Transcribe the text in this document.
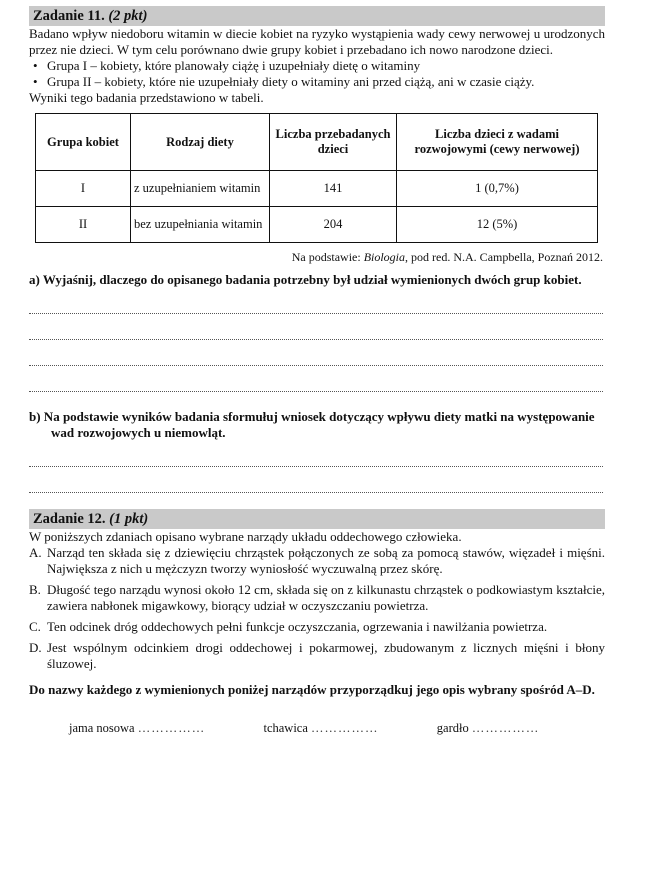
Zadanie 11. (2 pkt)

Badano wpływ niedoboru witamin w diecie kobiet na ryzyko wystąpienia wady cewy nerwowej u urodzonych przez nie dzieci. W tym celu porównano dwie grupy kobiet i przebadano ich nowo narodzone dzieci.

• Grupa I – kobiety, które planowały ciążę i uzupełniały dietę o witaminy
• Grupa II – kobiety, które nie uzupełniały diety o witaminy ani przed ciążą, ani w czasie ciąży.

Wyniki tego badania przedstawiono w tabeli.

Grupa kobiet	Rodzaj diety	Liczba przebadanych dzieci	Liczba dzieci z wadami rozwojowymi (cewy nerwowej)
I	z uzupełnianiem witamin	141	1 (0,7%)
II	bez uzupełniania witamin	204	12 (5%)
Na podstawie: Biologia, pod red. N.A. Campbella, Poznań 2012.

a) Wyjaśnij, dlaczego do opisanego badania potrzebny był udział wymienionych dwóch grup kobiet.

b) Na podstawie wyników badania sformułuj wniosek dotyczący wpływu diety matki na występowanie wad rozwojowych u niemowląt.

Zadanie 12. (1 pkt)

W poniższych zdaniach opisano wybrane narządy układu oddechowego człowieka.

A. Narząd ten składa się z dziewięciu chrząstek połączonych ze sobą za pomocą stawów, więzadeł i mięśni. Największa z nich u mężczyzn tworzy wyniosłość wyczuwalną przez skórę.
B. Długość tego narządu wynosi około 12 cm, składa się on z kilkunastu chrząstek o podkowiastym kształcie, zawiera nabłonek migawkowy, biorący udział w oczyszczaniu powietrza.
C. Ten odcinek dróg oddechowych pełni funkcje oczyszczania, ogrzewania i nawilżania powietrza.
D. Jest wspólnym odcinkiem drogi oddechowej i pokarmowej, zbudowanym z licznych mięśni i błony śluzowej.

Do nazwy każdego z wymienionych poniżej narządów przyporządkuj jego opis wybrany spośród A–D.

jama nosowa ……………	tchawica ……………	gardło ……………
